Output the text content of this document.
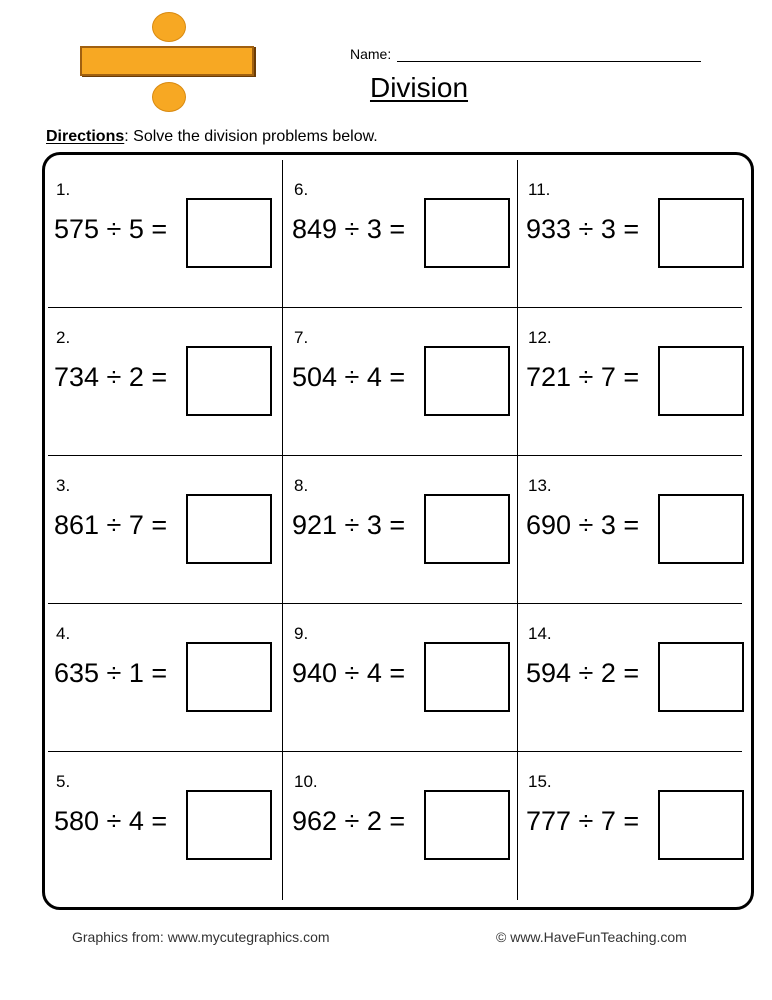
Name:
Division
Directions: Solve the division problems below.
1.
575 ÷ 5 =
2.
734 ÷ 2 =
3.
861 ÷ 7 =
4.
635 ÷ 1 =
5.
580 ÷ 4 =
6.
849 ÷ 3 =
7.
504 ÷ 4 =
8.
921 ÷ 3 =
9.
940 ÷ 4 =
10.
962 ÷ 2 =
11.
933 ÷ 3 =
12.
721 ÷ 7 =
13.
690 ÷ 3 =
14.
594 ÷ 2 =
15.
777 ÷ 7 =
Graphics from: www.mycutegraphics.com	© www.HaveFunTeaching.com
